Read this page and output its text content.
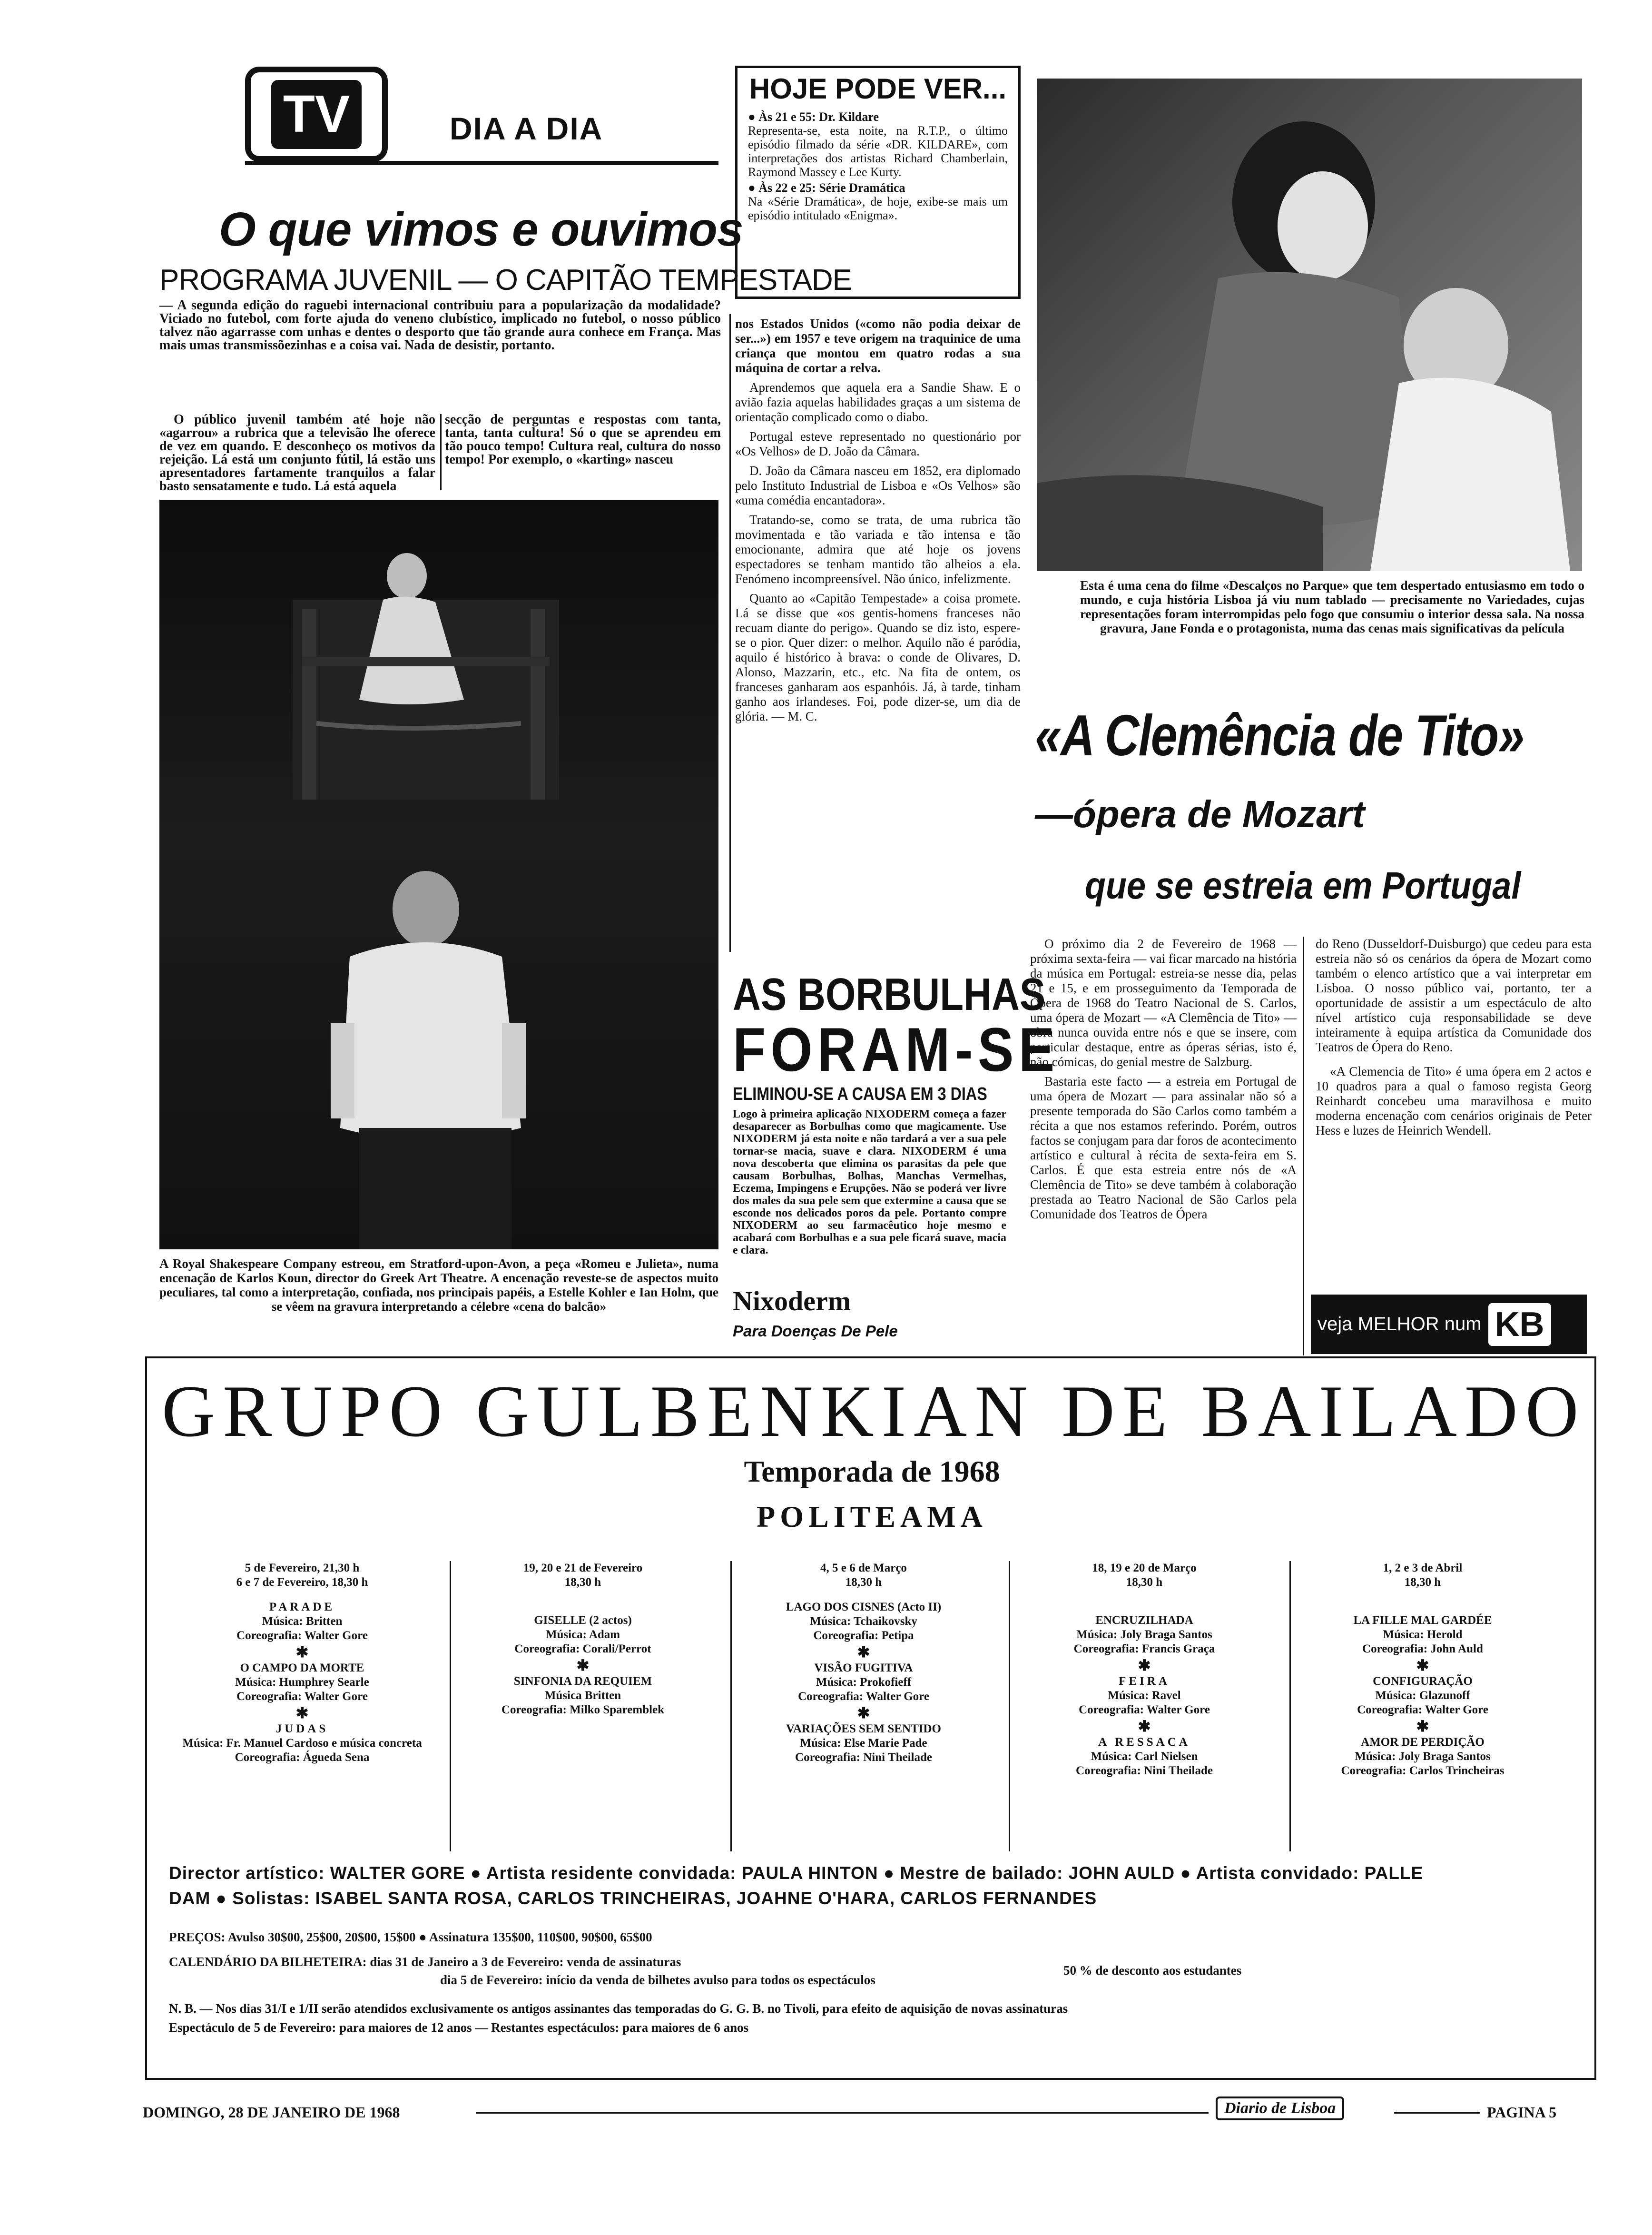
TV	DIA A DIA
O que vimos e ouvimos
PROGRAMA JUVENIL — O CAPITÃO TEMPESTADE

— A segunda edição do raguebi internacional contribuiu para a popularização da modalidade? Viciado no futebol, com forte ajuda do veneno clubístico, implicado no futebol, o nosso público talvez não agarrasse com unhas e dentes o desporto que tão grande aura conhece em França. Mas mais umas transmissõezinhas e a coisa vai. Nada de desistir, portanto.

O público juvenil também até hoje não «agarrou» a rubrica que a televisão lhe oferece de vez em quando. E desconheço os motivos da rejeição. Lá está um conjunto fútil, lá estão uns apresentadores fartamente tranquilos a falar basto sensatamente e tudo. Lá está aquela

secção de perguntas e respostas com tanta, tanta, tanta cultura! Só o que se aprendeu em tão pouco tempo! Cultura real, cultura do nosso tempo! Por exemplo, o «karting» nasceu

HOJE PODE VER...
● Às 21 e 55: Dr. Kildare
Representa-se, esta noite, na R.T.P., o último episódio filmado da série «DR. KILDARE», com interpretações dos artistas Richard Chamberlain, Raymond Massey e Lee Kurty.
● Às 22 e 25: Série Dramática
Na «Série Dramática», de hoje, exibe-se mais um episódio intitulado «Enigma».

nos Estados Unidos («como não podia deixar de ser...») em 1957 e teve origem na traquinice de uma criança que montou em quatro rodas a sua máquina de cortar a relva.

Aprendemos que aquela era a Sandie Shaw. E o avião fazia aquelas habilidades graças a um sistema de orientação complicado como o diabo.

Portugal esteve representado no questionário por «Os Velhos» de D. João da Câmara.

D. João da Câmara nasceu em 1852, era diplomado pelo Instituto Industrial de Lisboa e «Os Velhos» são «uma comédia encantadora».

Tratando-se, como se trata, de uma rubrica tão movimentada e tão variada e tão intensa e tão emocionante, admira que até hoje os jovens espectadores se tenham mantido tão alheios a ela. Fenómeno incompreensível. Não único, infelizmente.

Quanto ao «Capitão Tempestade» a coisa promete. Lá se disse que «os gentis-homens franceses não recuam diante do perigo». Quando se diz isto, espere-se o pior. Quer dizer: o melhor. Aquilo não é paródia, aquilo é histórico à brava: o conde de Olivares, D. Alonso, Mazzarin, etc., etc. Na fita de ontem, os franceses ganharam aos espanhóis. Já, à tarde, tinham ganho aos irlandeses. Foi, pode dizer-se, um dia de glória. — M. C.

A Royal Shakespeare Company estreou, em Stratford-upon-Avon, a peça «Romeu e Julieta», numa encenação de Karlos Koun, director do Greek Art Theatre. A encenação reveste-se de aspectos muito peculiares, tal como a interpretação, confiada, nos principais papéis, a Estelle Kohler e Ian Holm, que se vêem na gravura interpretando a célebre «cena do balcão»
Esta é uma cena do filme «Descalços no Parque» que tem despertado entusiasmo em todo o mundo, e cuja história Lisboa já viu num tablado — precisamente no Variedades, cujas representações foram interrompidas pelo fogo que consumiu o interior dessa sala. Na nossa gravura, Jane Fonda e o protagonista, numa das cenas mais significativas da película
«A Clemência de Tito»
—ópera de Mozart
que se estreia em Portugal

O próximo dia 2 de Fevereiro de 1968 — próxima sexta-feira — vai ficar marcado na história da música em Portugal: estreia-se nesse dia, pelas 21 e 15, e em prosseguimento da Temporada de Ópera de 1968 do Teatro Nacional de S. Carlos, uma ópera de Mozart — «A Clemência de Tito» — obra nunca ouvida entre nós e que se insere, com particular destaque, entre as óperas sérias, isto é, não cómicas, do genial mestre de Salzburg.

Bastaria este facto — a estreia em Portugal de uma ópera de Mozart — para assinalar não só a presente temporada do São Carlos como também a récita a que nos estamos referindo. Porém, outros factos se conjugam para dar foros de acontecimento artístico e cultural à récita de sexta-feira em S. Carlos. É que esta estreia entre nós de «A Clemência de Tito» se deve também à colaboração prestada ao Teatro Nacional de São Carlos pela Comunidade dos Teatros de Ópera

do Reno (Dusseldorf-Duisburgo) que cedeu para esta estreia não só os cenários da ópera de Mozart como também o elenco artístico que a vai interpretar em Lisboa. O nosso público vai, portanto, ter a oportunidade de assistir a um espectáculo de alto nível artístico cuja responsabilidade se deve inteiramente à equipa artística da Comunidade dos Teatros de Ópera do Reno.

«A Clemencia de Tito» é uma ópera em 2 actos e 10 quadros para a qual o famoso regista Georg Reinhardt concebeu uma maravilhosa e muito moderna encenação com cenários originais de Peter Hess e luzes de Heinrich Wendell.

veja MELHOR num KB
AS BORBULHAS
FORAM-SE
ELIMINOU-SE A CAUSA EM 3 DIAS
Logo à primeira aplicação NIXODERM começa a fazer desaparecer as Borbulhas como que magicamente. Use NIXODERM já esta noite e não tardará a ver a sua pele tornar-se macia, suave e clara. NIXODERM é uma nova descoberta que elimina os parasitas da pele que causam Borbulhas, Bolhas, Manchas Vermelhas, Eczema, Impingens e Erupções. Não se poderá ver livre dos males da sua pele sem que extermine a causa que se esconde nos delicados poros da pele. Portanto compre NIXODERM ao seu farmacêutico hoje mesmo e acabará com Borbulhas e a sua pele ficará suave, macia e clara.
Nixoderm
Para Doenças De Pele
GRUPO GULBENKIAN DE BAILADO
Temporada de 1968
POLITEAMA
5 de Fevereiro, 21,30 h
6 e 7 de Fevereiro, 18,30 h
PARADE
Música: Britten
Coreografia: Walter Gore
✱
O CAMPO DA MORTE
Música: Humphrey Searle
Coreografia: Walter Gore
✱
JUDAS
Música: Fr. Manuel Cardoso e música concreta
Coreografia: Águeda Sena
19, 20 e 21 de Fevereiro
18,30 h
GISELLE (2 actos)
Música: Adam
Coreografia: Corali/Perrot
✱
SINFONIA DA REQUIEM
Música Britten
Coreografia: Milko Sparemblek
4, 5 e 6 de Março
18,30 h
LAGO DOS CISNES (Acto II)
Música: Tchaikovsky
Coreografia: Petipa
✱
VISÃO FUGITIVA
Música: Prokofieff
Coreografia: Walter Gore
✱
VARIAÇÕES SEM SENTIDO
Música: Else Marie Pade
Coreografia: Nini Theilade
18, 19 e 20 de Março
18,30 h
ENCRUZILHADA
Música: Joly Braga Santos
Coreografia: Francis Graça
✱
FEIRA
Música: Ravel
Coreografia: Walter Gore
✱
A RESSACA
Música: Carl Nielsen
Coreografia: Nini Theilade
1, 2 e 3 de Abril
18,30 h
LA FILLE MAL GARDÉE
Música: Herold
Coreografia: John Auld
✱
CONFIGURAÇÃO
Música: Glazunoff
Coreografia: Walter Gore
✱
AMOR DE PERDIÇÃO
Música: Joly Braga Santos
Coreografia: Carlos Trincheiras
Director artístico: WALTER GORE ● Artista residente convidada: PAULA HINTON ● Mestre de bailado: JOHN AULD ● Artista convidado: PALLE
DAM ● Solistas: ISABEL SANTA ROSA, CARLOS TRINCHEIRAS, JOAHNE O'HARA, CARLOS FERNANDES
PREÇOS: Avulso 30$00, 25$00, 20$00, 15$00 ● Assinatura 135$00, 110$00, 90$00, 65$00
CALENDÁRIO DA BILHETEIRA: dias 31 de Janeiro a 3 de Fevereiro: venda de assinaturas
50 % de desconto aos estudantes
dia 5 de Fevereiro: início da venda de bilhetes avulso para todos os espectáculos
N. B. — Nos dias 31/I e 1/II serão atendidos exclusivamente os antigos assinantes das temporadas do G. G. B. no Tivoli, para efeito de aquisição de novas assinaturas
Espectáculo de 5 de Fevereiro: para maiores de 12 anos — Restantes espectáculos: para maiores de 6 anos
DOMINGO, 28 DE JANEIRO DE 1968	Diario de Lisboa	PAGINA 5
